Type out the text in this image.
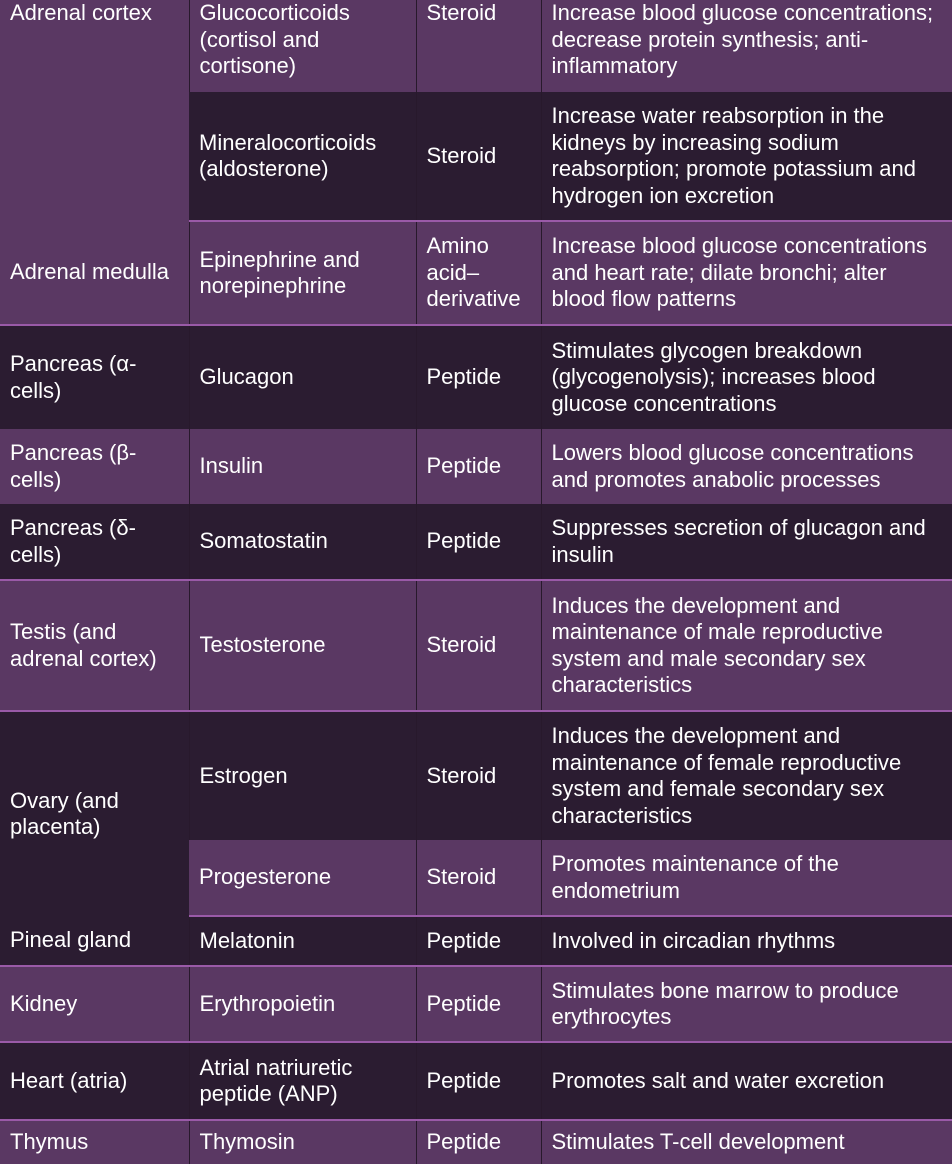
Adrenal cortex	Glucocorticoids (cortisol and cortisone)	Steroid	Increase blood glucose concentrations; decrease protein synthesis; anti-inflammatory
	Mineralocorticoids (aldosterone)	Steroid	Increase water reabsorption in the kidneys by increasing sodium reabsorption; promote potassium and hydrogen ion excretion
Adrenal medulla	Epinephrine and norepinephrine	Amino acid–derivative	Increase blood glucose concentrations and heart rate; dilate bronchi; alter blood flow patterns
Pancreas (α-cells)	Glucagon	Peptide	Stimulates glycogen breakdown (glycogenolysis); increases blood glucose concentrations
Pancreas (β-cells)	Insulin	Peptide	Lowers blood glucose concentrations and promotes anabolic processes
Pancreas (δ-cells)	Somatostatin	Peptide	Suppresses secretion of glucagon and insulin
Testis (and adrenal cortex)	Testosterone	Steroid	Induces the development and maintenance of male reproductive system and male secondary sex characteristics
Ovary (and placenta)	Estrogen	Steroid	Induces the development and maintenance of female reproductive system and female secondary sex characteristics
	Progesterone	Steroid	Promotes maintenance of the endometrium
Pineal gland	Melatonin	Peptide	Involved in circadian rhythms
Kidney	Erythropoietin	Peptide	Stimulates bone marrow to produce erythrocytes
Heart (atria)	Atrial natriuretic peptide (ANP)	Peptide	Promotes salt and water excretion
Thymus	Thymosin	Peptide	Stimulates T-cell development
